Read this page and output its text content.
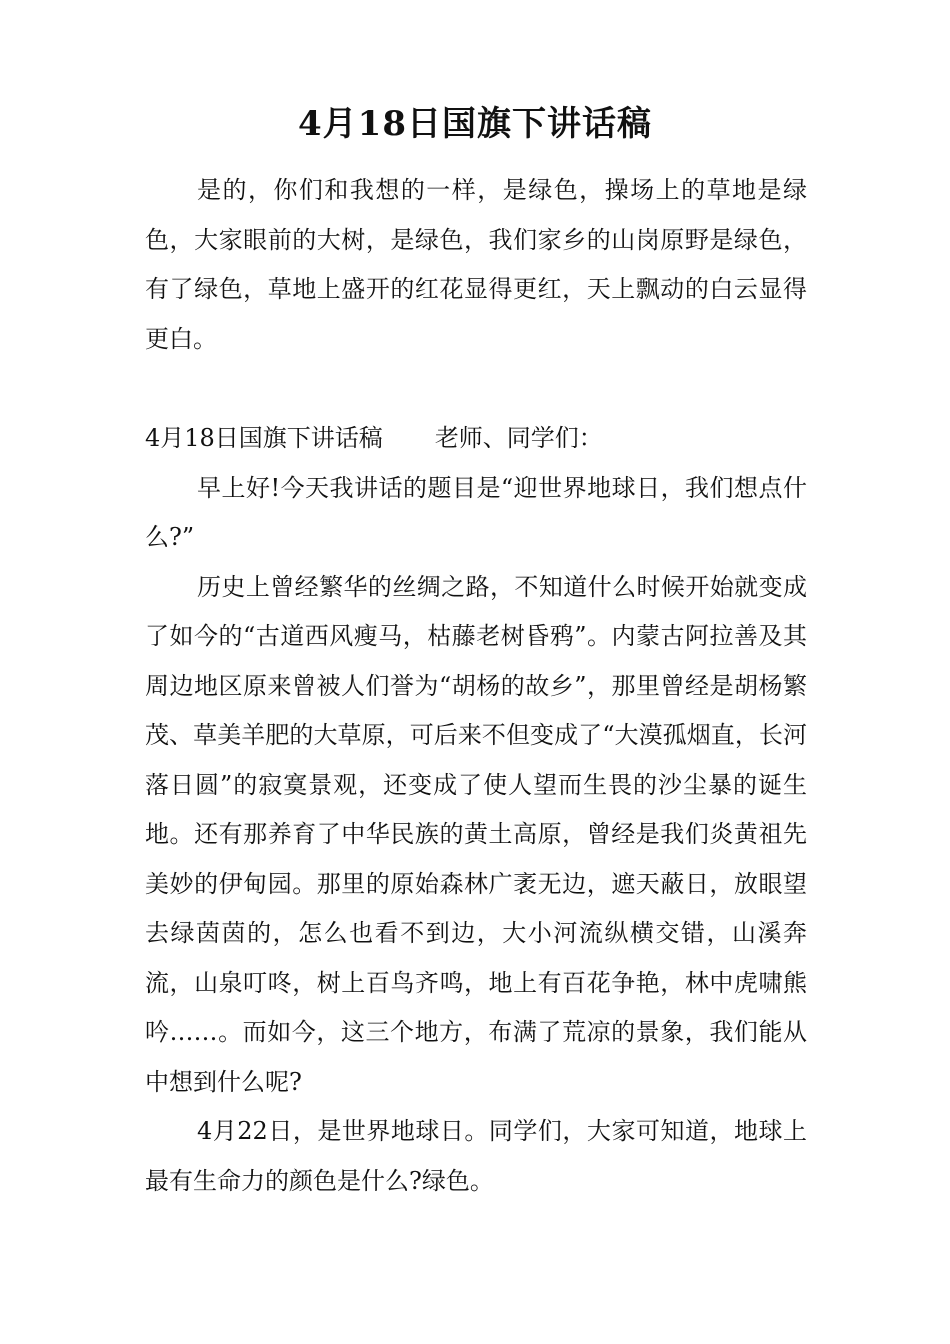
4月18日国旗下讲话稿

是的，你们和我想的一样，是绿色，操场上的草地是绿色，大家眼前的大树，是绿色，我们家乡的山岗原野是绿色，有了绿色，草地上盛开的红花显得更红，天上飘动的白云显得更白。

4月18日国旗下讲话稿 老师、同学们：

早上好!今天我讲话的题目是“迎世界地球日，我们想点什么?”

历史上曾经繁华的丝绸之路，不知道什么时候开始就变成了如今的“古道西风瘦马，枯藤老树昏鸦”。内蒙古阿拉善及其周边地区原来曾被人们誉为“胡杨的故乡”，那里曾经是胡杨繁茂、草美羊肥的大草原，可后来不但变成了“大漠孤烟直，长河落日圆”的寂寞景观，还变成了使人望而生畏的沙尘暴的诞生地。还有那养育了中华民族的黄土高原，曾经是我们炎黄祖先美妙的伊甸园。那里的原始森林广袤无边，遮天蔽日，放眼望去绿茵茵的，怎么也看不到边，大小河流纵横交错，山溪奔流，山泉叮咚，树上百鸟齐鸣，地上有百花争艳，林中虎啸熊吟……。而如今，这三个地方，布满了荒凉的景象，我们能从中想到什么呢?

4月22日，是世界地球日。同学们，大家可知道，地球上最有生命力的颜色是什么?绿色。
